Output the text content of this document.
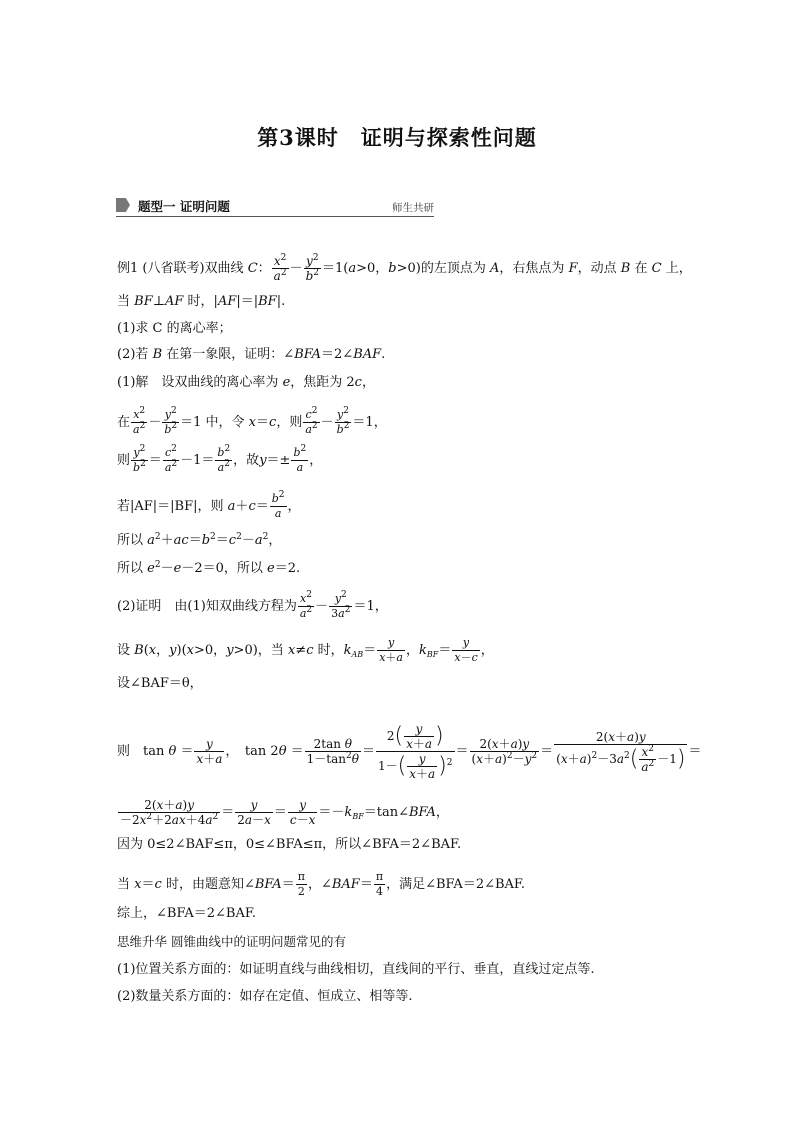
第3课时　证明与探索性问题
题型一 证明问题	师生共研
例1 (八省联考)双曲线 C： $\frac{x^2}{a^2} - \frac{y^2}{b^2} =1(a>0$，b>0)的左顶点为 A，右焦点为 F，动点 B 在 C 上，
当 BF⊥AF 时，|AF|＝|BF|.
(1)求 C 的离心率；
(2)若 B 在第一象限，证明：∠BFA＝2∠BAF.
(1)解　设双曲线的离心率为 e，焦距为 2c，
在 $\frac{x^2}{a^2} - \frac{y^2}{b^2} =1$ 中，令 x＝c，则 $\frac{c^2}{a^2} - \frac{y^2}{b^2} =1$，
则 $\frac{y^2}{b^2} = \frac{c^2}{a^2} -1= \frac{b^2}{a^2}$ ，故$y=\pm \frac{b^2}{a}$ ，
若|AF|＝|BF|，则 $a+c= \frac{b^2}{a}$ ，
所以 $a^2+ac=b^2=c^2-a^2$，
所以 $e^2-e-2=0$，所以 e＝2.
(2)证明　由(1)知双曲线方程为 $\frac{x^2}{a^2} - \frac{y^2}{3a^2} =1$，
设 B(x，y)(x>0，y>0)，当 x≠c 时，$k_{AB}= \frac{y}{x+a}$ ，$k_{BF}= \frac{y}{x-c}$ ，
设∠BAF＝θ，
则　$\tan \theta = \frac{y}{x+a}$ ，　$\tan 2\theta = \frac{\text{2tan θ}}{1-\tan^2\theta} = \frac{2( \frac{y}{x+a} )}{1-( \frac{y}{x+a} )^2} = \frac{2(x+a)y}{(x+a)^2-y^2} = \frac{2(x+a)y}{(x+a)^2-3a^2( \frac{x^2}{a^2} -1)}$ ＝
$\frac{2(x+a)y}{-2x^2+2ax+4a^2} = \frac{y}{2a-x} = \frac{y}{c-x}$ $=-k_{BF}=\tan\angle BFA$，
因为 0≤2∠BAF≤π，0≤∠BFA≤π，所以∠BFA＝2∠BAF.
当 x＝c 时，由题意知∠BFA＝ $\frac{\pi}{2}$ ，∠BAF＝ $\frac{\pi}{4}$ ，满足∠BFA＝2∠BAF.
综上，∠BFA＝2∠BAF.
思维升华 圆锥曲线中的证明问题常见的有
(1)位置关系方面的：如证明直线与曲线相切，直线间的平行、垂直，直线过定点等.
(2)数量关系方面的：如存在定值、恒成立、相等等.
